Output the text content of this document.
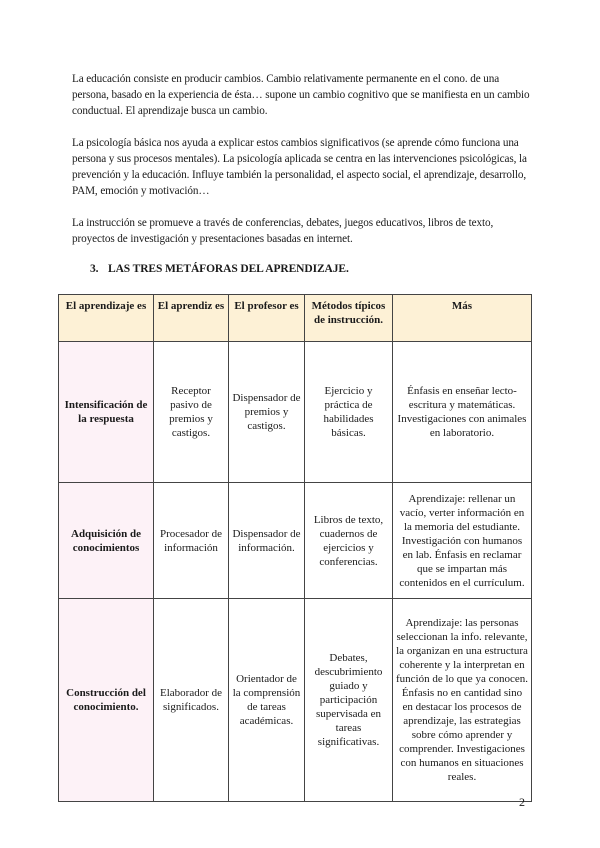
La educación consiste en producir cambios. Cambio relativamente permanente en el cono. de una persona, basado en la experiencia de ésta… supone un cambio cognitivo que se manifiesta en un cambio conductual. El aprendizaje busca un cambio.

La psicología básica nos ayuda a explicar estos cambios significativos (se aprende cómo funciona una persona y sus procesos mentales). La psicología aplicada se centra en las intervenciones psicológicas, la prevención y la educación. Influye también la personalidad, el aspecto social, el aprendizaje, desarrollo, PAM, emoción y motivación…

La instrucción se promueve a través de conferencias, debates, juegos educativos, libros de texto, proyectos de investigación y presentaciones basadas en internet.

3. LAS TRES METÁFORAS DEL APRENDIZAJE.
El aprendizaje es	El aprendiz es	El profesor es	Métodos típicos de instrucción.	Más
Intensificación de la respuesta	Receptor pasivo de premios y castigos.	Dispensador de premios y castigos.	Ejercicio y práctica de habilidades básicas.	Énfasis en enseñar lecto-escritura y matemáticas. Investigaciones con animales en laboratorio.
Adquisición de conocimientos	Procesador de información	Dispensador de información.	Libros de texto, cuadernos de ejercicios y conferencias.	Aprendizaje: rellenar un vacío, verter información en la memoria del estudiante. Investigación con humanos en lab. Énfasis en reclamar que se impartan más contenidos en el currículum.
Construcción del conocimiento.	Elaborador de significados.	Orientador de la comprensión de tareas académicas.	Debates, descubrimiento guiado y participación supervisada en tareas significativas.	Aprendizaje: las personas seleccionan la info. relevante, la organizan en una estructura coherente y la interpretan en función de lo que ya conocen. Énfasis no en cantidad sino en destacar los procesos de aprendizaje, las estrategias sobre cómo aprender y comprender. Investigaciones con humanos en situaciones reales.
2
